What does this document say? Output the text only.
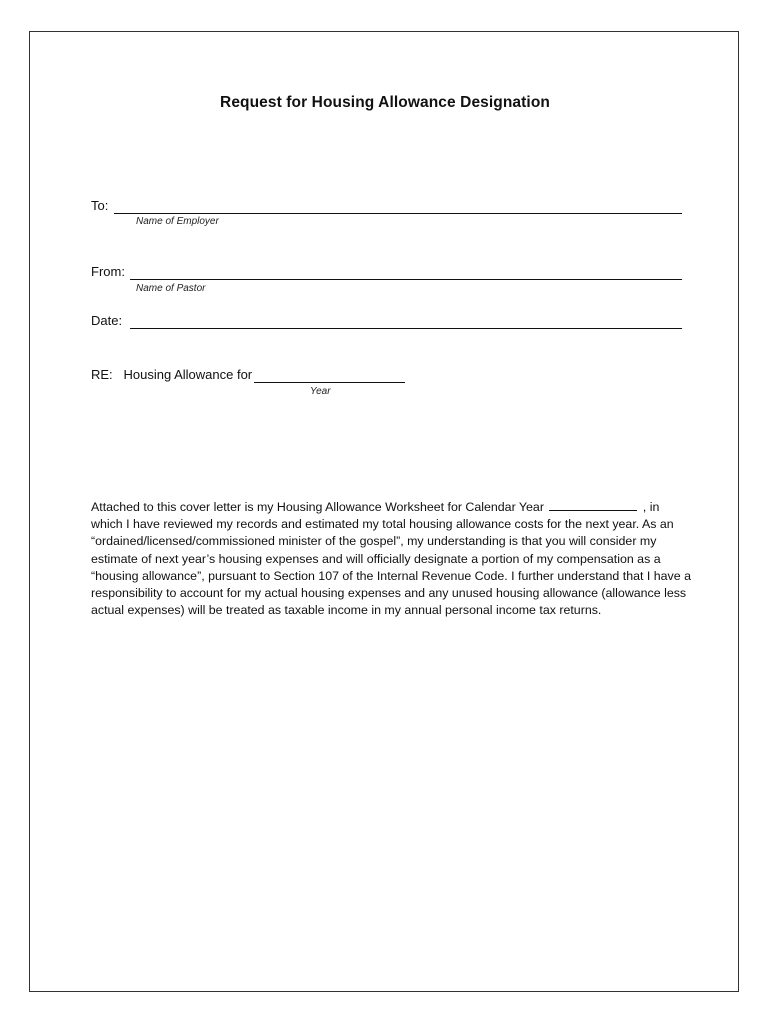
Request for Housing Allowance Designation
To:
Name of Employer
From:
Name of Pastor
Date:
RE:   Housing Allowance for
Year
Attached to this cover letter is my Housing Allowance Worksheet for Calendar Year	, in which I have reviewed my records and estimated my total housing allowance costs for the next year. As an “ordained/licensed/commissioned minister of the gospel”, my understanding is that you will consider my estimate of next year’s housing expenses and will officially designate a portion of my compensation as a “housing allowance”, pursuant to Section 107 of the Internal Revenue Code. I further understand that I have a responsibility to account for my actual housing expenses and any unused housing allowance (allowance less actual expenses) will be treated as taxable income in my annual personal income tax returns.
